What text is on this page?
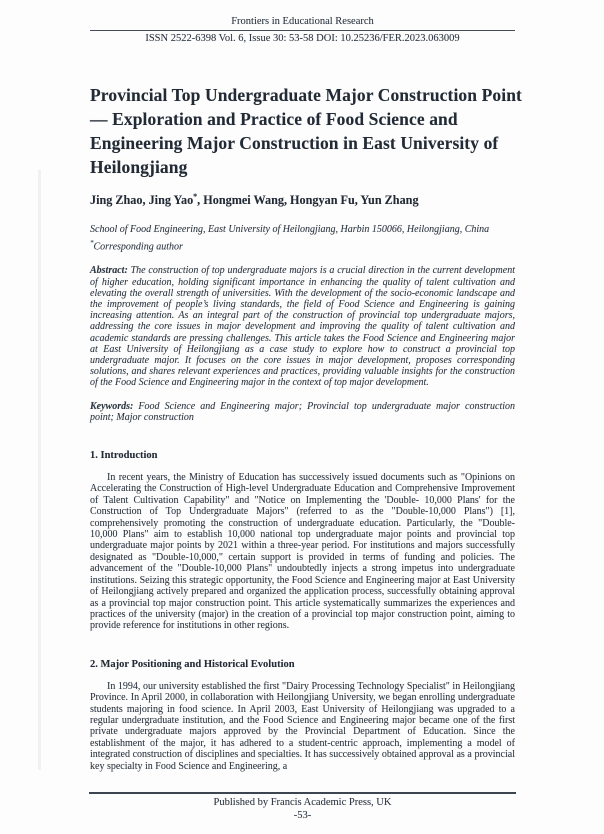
Frontiers in Educational Research
ISSN 2522-6398 Vol. 6, Issue 30: 53-58 DOI: 10.25236/FER.2023.063009
Provincial Top Undergraduate Major Construction Point — Exploration and Practice of Food Science and Engineering Major Construction in East University of Heilongjiang

Jing Zhao, Jing Yao*, Hongmei Wang, Hongyan Fu, Yun Zhang

School of Food Engineering, East University of Heilongjiang, Harbin 150066, Heilongjiang, China

*Corresponding author

Abstract: The construction of top undergraduate majors is a crucial direction in the current development of higher education, holding significant importance in enhancing the quality of talent cultivation and elevating the overall strength of universities. With the development of the socio-economic landscape and the improvement of people’s living standards, the field of Food Science and Engineering is gaining increasing attention. As an integral part of the construction of provincial top undergraduate majors, addressing the core issues in major development and improving the quality of talent cultivation and academic standards are pressing challenges. This article takes the Food Science and Engineering major at East University of Heilongjiang as a case study to explore how to construct a provincial top undergraduate major. It focuses on the core issues in major development, proposes corresponding solutions, and shares relevant experiences and practices, providing valuable insights for the construction of the Food Science and Engineering major in the context of top major development.

Keywords: Food Science and Engineering major; Provincial top undergraduate major construction point; Major construction

1. Introduction

In recent years, the Ministry of Education has successively issued documents such as "Opinions on Accelerating the Construction of High-level Undergraduate Education and Comprehensive Improvement of Talent Cultivation Capability" and "Notice on Implementing the 'Double- 10,000 Plans' for the Construction of Top Undergraduate Majors" (referred to as the "Double-10,000 Plans") [1], comprehensively promoting the construction of undergraduate education. Particularly, the "Double-10,000 Plans" aim to establish 10,000 national top undergraduate major points and provincial top undergraduate major points by 2021 within a three-year period. For institutions and majors successfully designated as "Double-10,000," certain support is provided in terms of funding and policies. The advancement of the "Double-10,000 Plans" undoubtedly injects a strong impetus into undergraduate institutions. Seizing this strategic opportunity, the Food Science and Engineering major at East University of Heilongjiang actively prepared and organized the application process, successfully obtaining approval as a provincial top major construction point. This article systematically summarizes the experiences and practices of the university (major) in the creation of a provincial top major construction point, aiming to provide reference for institutions in other regions.

2. Major Positioning and Historical Evolution

In 1994, our university established the first "Dairy Processing Technology Specialist" in Heilongjiang Province. In April 2000, in collaboration with Heilongjiang University, we began enrolling undergraduate students majoring in food science. In April 2003, East University of Heilongjiang was upgraded to a regular undergraduate institution, and the Food Science and Engineering major became one of the first private undergraduate majors approved by the Provincial Department of Education. Since the establishment of the major, it has adhered to a student-centric approach, implementing a model of integrated construction of disciplines and specialties. It has successively obtained approval as a provincial key specialty in Food Science and Engineering, a

Published by Francis Academic Press, UK
-53-
